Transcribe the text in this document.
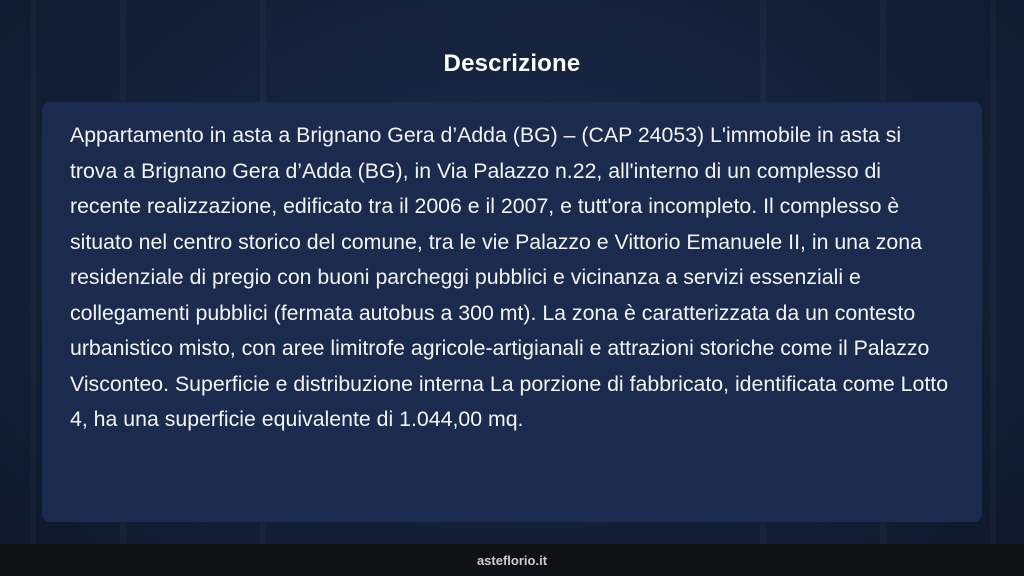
Descrizione

Appartamento in asta a Brignano Gera d’Adda (BG) – (CAP 24053) L'immobile in asta si trova a Brignano Gera d’Adda (BG), in Via Palazzo n.22, all'interno di un complesso di recente realizzazione, edificato tra il 2006 e il 2007, e tutt'ora incompleto. Il complesso è situato nel centro storico del comune, tra le vie Palazzo e Vittorio Emanuele II, in una zona residenziale di pregio con buoni parcheggi pubblici e vicinanza a servizi essenziali e collegamenti pubblici (fermata autobus a 300 mt). La zona è caratterizzata da un contesto urbanistico misto, con aree limitrofe agricole-artigianali e attrazioni storiche come il Palazzo Visconteo. Superficie e distribuzione interna La porzione di fabbricato, identificata come Lotto 4, ha una superficie equivalente di 1.044,00 mq.

asteflorio.it
